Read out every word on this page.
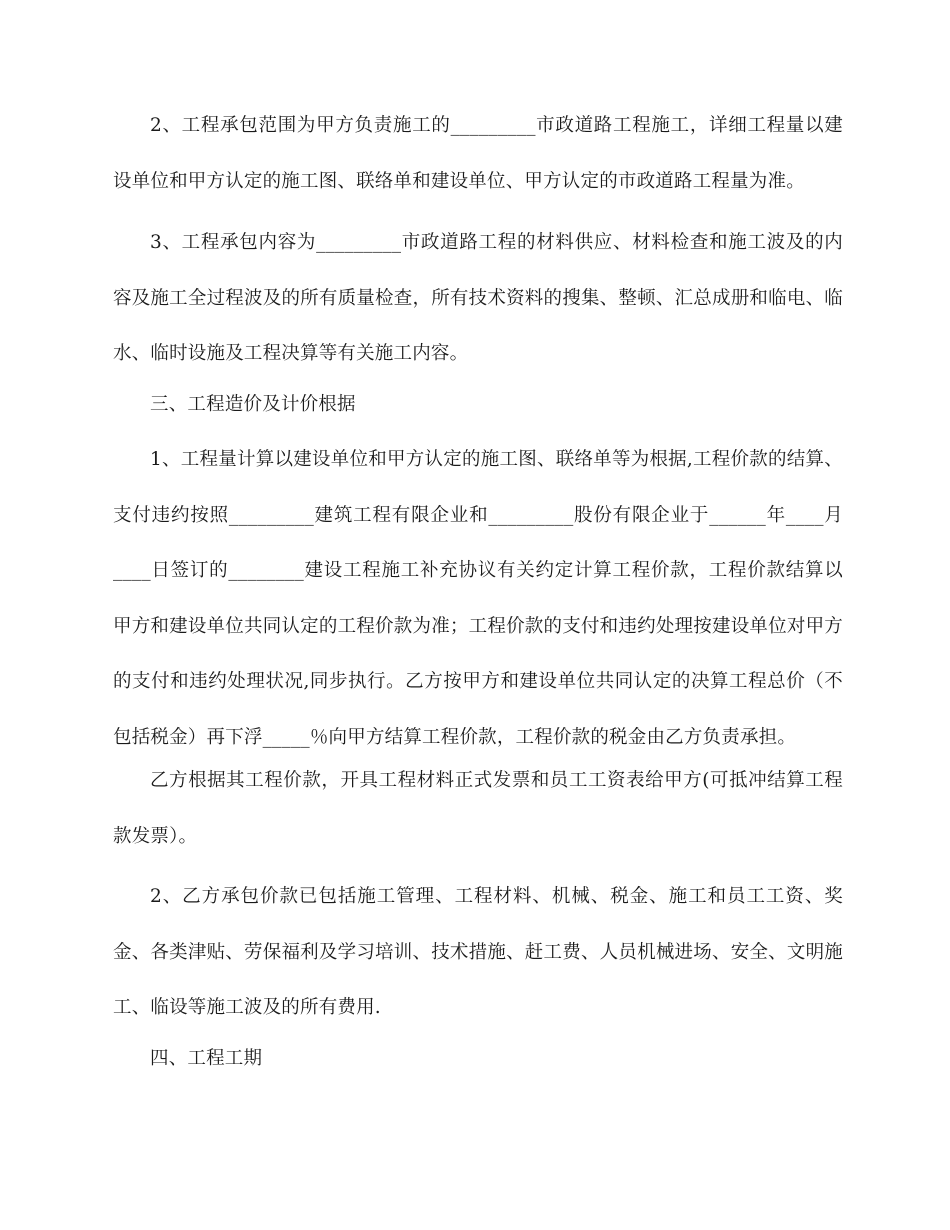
2、工程承包范围为甲方负责施工的_________市政道路工程施工，详细工程量以建设单位和甲方认定的施工图、联络单和建设单位、甲方认定的市政道路工程量为准。

3、工程承包内容为_________市政道路工程的材料供应、材料检查和施工波及的内容及施工全过程波及的所有质量检查，所有技术资料的搜集、整顿、汇总成册和临电、临水、临时设施及工程决算等有关施工内容。

三、工程造价及计价根据

1、工程量计算以建设单位和甲方认定的施工图、联络单等为根据,工程价款的结算、支付违约按照_________建筑工程有限企业和_________股份有限企业于______年____月____日签订的________建设工程施工补充协议有关约定计算工程价款，工程价款结算以甲方和建设单位共同认定的工程价款为准；工程价款的支付和违约处理按建设单位对甲方的支付和违约处理状况,同步执行。乙方按甲方和建设单位共同认定的决算工程总价（不包括税金）再下浮_____％向甲方结算工程价款，工程价款的税金由乙方负责承担。

乙方根据其工程价款，开具工程材料正式发票和员工工资表给甲方(可抵冲结算工程款发票）。

2、乙方承包价款已包括施工管理、工程材料、机械、税金、施工和员工工资、奖金、各类津贴、劳保福利及学习培训、技术措施、赶工费、人员机械进场、安全、文明施工、临设等施工波及的所有费用.

四、工程工期
